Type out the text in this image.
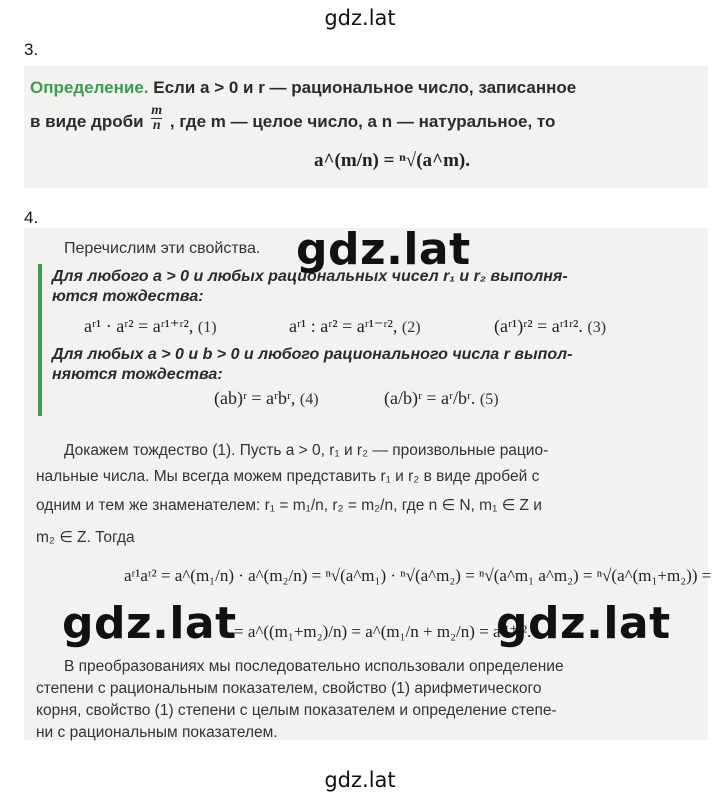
gdz.lat
3.
Определение. Если a > 0 и r — рациональное число, записанное
в виде дроби $\frac{m}{n}$ , где m — целое число, а n — натуральное, то
a^(m/n) = ⁿ√(a^m).
4.
Перечислим эти свойства.
Для любого a > 0 и любых рациональных чисел r₁ и r₂ выполня-
ются тождества:
aʳ¹ · aʳ² = aʳ¹⁺ʳ², (1)	aʳ¹ : aʳ² = aʳ¹⁻ʳ², (2)	(aʳ¹)ʳ² = aʳ¹ʳ². (3)
Для любых a > 0 и b > 0 и любого рационального числа r выпол-
няются тождества:
(ab)ʳ = aʳbʳ, (4)	(a/b)ʳ = aʳ/bʳ. (5)
Докажем тождество (1). Пусть a > 0, r₁ и r₂ — произвольные рацио-
нальные числа. Мы всегда можем представить r₁ и r₂ в виде дробей с
одним и тем же знаменателем: r₁ = m₁/n, r₂ = m₂/n, где n ∈ N, m₁ ∈ Z и
m₂ ∈ Z. Тогда
aʳ¹aʳ² = a^(m₁/n) · a^(m₂/n) = ⁿ√(a^m₁) · ⁿ√(a^m₂) = ⁿ√(a^m₁ a^m₂) = ⁿ√(a^(m₁+m₂)) =
= a^((m₁+m₂)/n) = a^(m₁/n + m₂/n) = aʳ¹⁺ʳ².
В преобразованиях мы последовательно использовали определение
степени с рациональным показателем, свойство (1) арифметического
корня, свойство (1) степени с целым показателем и определение степе-
ни с рациональным показателем.
gdz.lat
gdz.lat	gdz.lat
gdz.lat
